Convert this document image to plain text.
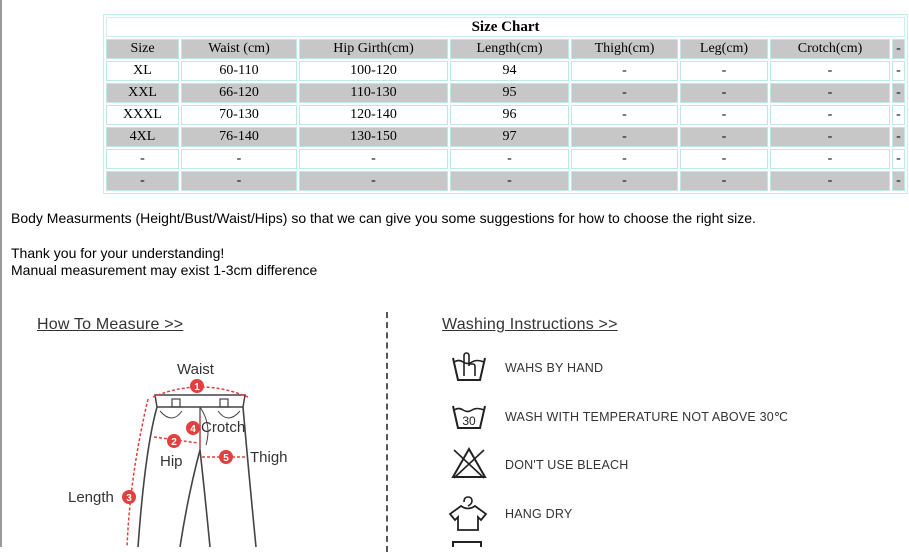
Size Chart							
Size	Waist (cm)	Hip Girth(cm)	Length(cm)	Thigh(cm)	Leg(cm)	Crotch(cm)	-
XL	60-110	100-120	94	-	-	-	-
XXL	66-120	110-130	95	-	-	-	-
XXXL	70-130	120-140	96	-	-	-	-
4XL	76-140	130-150	97	-	-	-	-
-	-	-	-	-	-	-	-
-	-	-	-	-	-	-	-
Body Measurments (Height/Bust/Waist/Hips) so that we can give you some suggestions for how to choose the right size.
Thank you for your understanding!
Manual measurement may exist 1-3cm difference
How To Measure >>
1
2
3
4
5
Waist
Crotch
Hip	Thigh
Length
Washing Instructions >>
WAHS BY HAND
30 WASH WITH TEMPERATURE NOT ABOVE 30℃
DON'T USE BLEACH
HANG DRY
